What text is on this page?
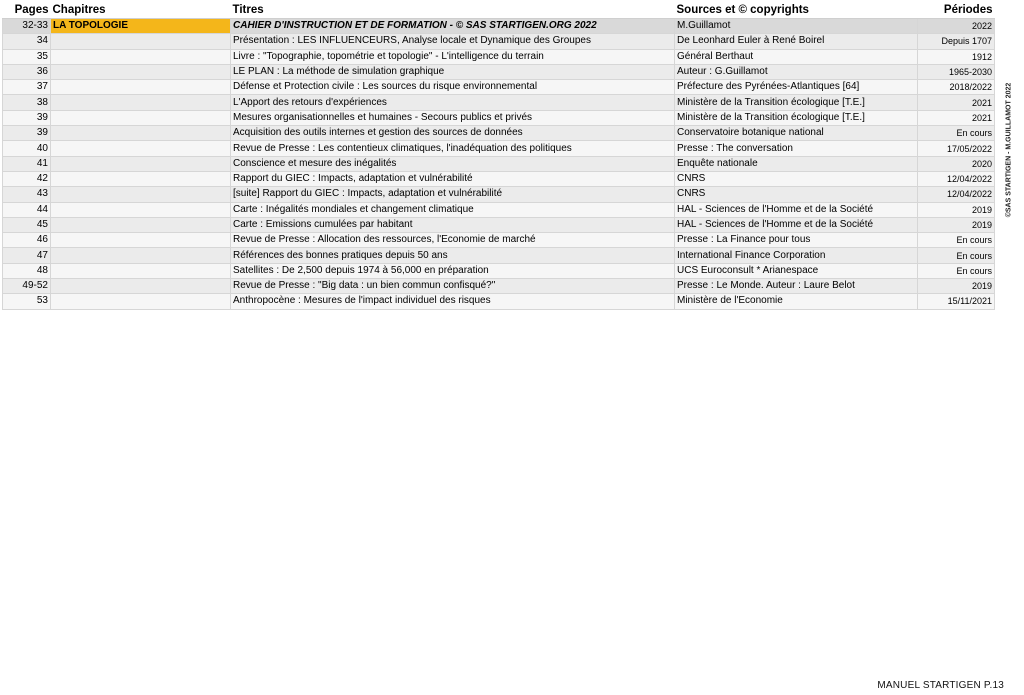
Pages	Chapitres	Titres	Sources et © copyrights	Périodes
32-33	LA TOPOLOGIE	CAHIER D'INSTRUCTION ET DE FORMATION - © SAS STARTIGEN.ORG 2022	M.Guillamot	2022
34		Présentation : LES INFLUENCEURS, Analyse locale et Dynamique des Groupes	De Leonhard Euler à René Boirel	Depuis 1707
35		Livre : "Topographie, topométrie et topologie" - L'intelligence du terrain	Général Berthaut	1912
36		LE PLAN : La méthode de simulation graphique	Auteur : G.Guillamot	1965-2030
37		Défense et Protection civile : Les sources du risque environnemental	Préfecture des Pyrénées-Atlantiques [64]	2018/2022
38		L'Apport des retours d'expériences	Ministère de la Transition écologique [T.E.]	2021
39		Mesures organisationnelles et humaines - Secours publics et privés	Ministère de la Transition écologique [T.E.]	2021
39		Acquisition des outils internes et gestion des sources de données	Conservatoire botanique national	En cours
40		Revue de Presse : Les contentieux climatiques, l'inadéquation des politiques	Presse : The conversation	17/05/2022
41		Conscience et mesure des inégalités	Enquête nationale	2020
42		Rapport du GIEC : Impacts, adaptation et vulnérabilité	CNRS	12/04/2022
43		[suite] Rapport du GIEC : Impacts, adaptation et vulnérabilité	CNRS	12/04/2022
44		Carte : Inégalités mondiales et changement climatique	HAL - Sciences de l'Homme et de la Société	2019
45		Carte : Emissions cumulées par habitant	HAL - Sciences de l'Homme et de la Société	2019
46		Revue de Presse : Allocation des ressources, l'Economie de marché	Presse : La Finance pour tous	En cours
47		Références des bonnes pratiques depuis 50 ans	International Finance Corporation	En cours
48		Satellites : De 2,500 depuis 1974 à 56,000 en préparation	UCS Euroconsult * Arianespace	En cours
49-52		Revue de Presse : "Big data : un bien commun confisqué?"	Presse : Le Monde. Auteur : Laure Belot	2019
53		Anthropocène : Mesures de l'impact individuel des risques	Ministère de l'Economie	15/11/2021
©SAS STARTIGEN - M.GUILLAMOT 2022
MANUEL STARTIGEN P.13
